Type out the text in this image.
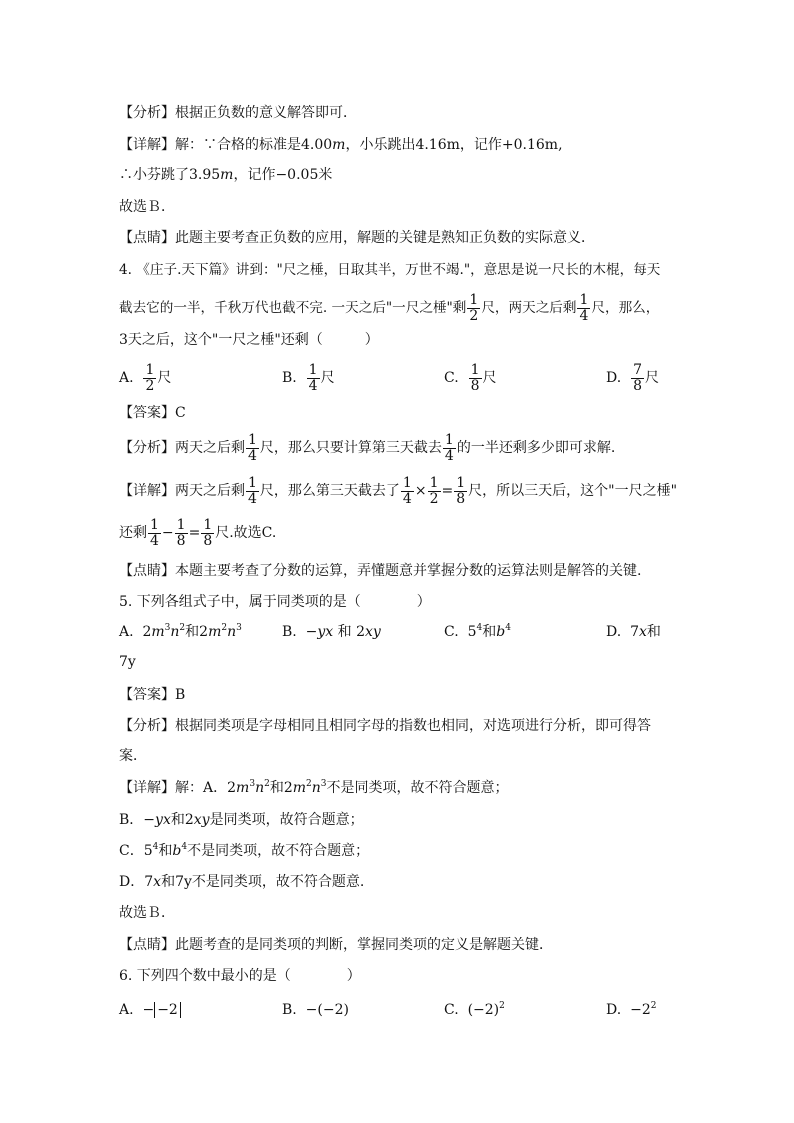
【分析】根据正负数的意义解答即可．
【详解】解：∵合格的标准是4.00m，小乐跳出4.16m，记作+0.16m,
∴小芬跳了3.95m，记作−0.05米
故选Ｂ．
【点睛】此题主要考查正负数的应用，解题的关键是熟知正负数的实际意义．
4. 《庄子.天下篇》讲到："尺之棰，日取其半，万世不竭."，意思是说一尺长的木棍，每天
截去它的一半，千秋万代也截不完. 一天之后"一尺之棰"剩 $\frac{1}{2}$ 尺，两天之后剩 $\frac{1}{4}$ 尺，那么，
3天之后，这个"一尺之棰"还剩（　　　）
A. $\frac{1}{2}$ 尺	B. $\frac{1}{4}$ 尺	C. $\frac{1}{8}$ 尺	D. $\frac{7}{8}$ 尺
【答案】C
【分析】两天之后剩 $\frac{1}{4}$ 尺，那么只要计算第三天截去 $\frac{1}{4}$ 的一半还剩多少即可求解.
【详解】两天之后剩 $\frac{1}{4}$ 尺，那么第三天截去了 $\frac{1}{4} \times \frac{1}{2} = \frac{1}{8}$ 尺，所以三天后，这个"一尺之棰"
还剩 $\frac{1}{4} - \frac{1}{8} = \frac{1}{8}$ 尺.故选C.
【点睛】本题主要考查了分数的运算，弄懂题意并掌握分数的运算法则是解答的关键.
5. 下列各组式子中，属于同类项的是（　　　　）
A.  $2m^3n^2$和$2m^2n^3$	B.  −yx 和 2xy	C.  $5^4$和$b^4$	D.  7x和
7y
【答案】B
【分析】根据同类项是字母相同且相同字母的指数也相同，对选项进行分析，即可得答
案．
【详解】解：A．$2m^3n^2$和$2m^2n^3$不是同类项，故不符合题意；
B．−yx和2xy是同类项，故符合题意；
C．$5^4$和$b^4$不是同类项，故不符合题意；
D．7x和7y不是同类项，故不符合题意.
故选Ｂ．
【点睛】此题考查的是同类项的判断，掌握同类项的定义是解题关键．
6. 下列四个数中最小的是（　　　　）
A.  − −2	B.  −(−2)	C.  $(-2)^2$	D.  $-2^2$
